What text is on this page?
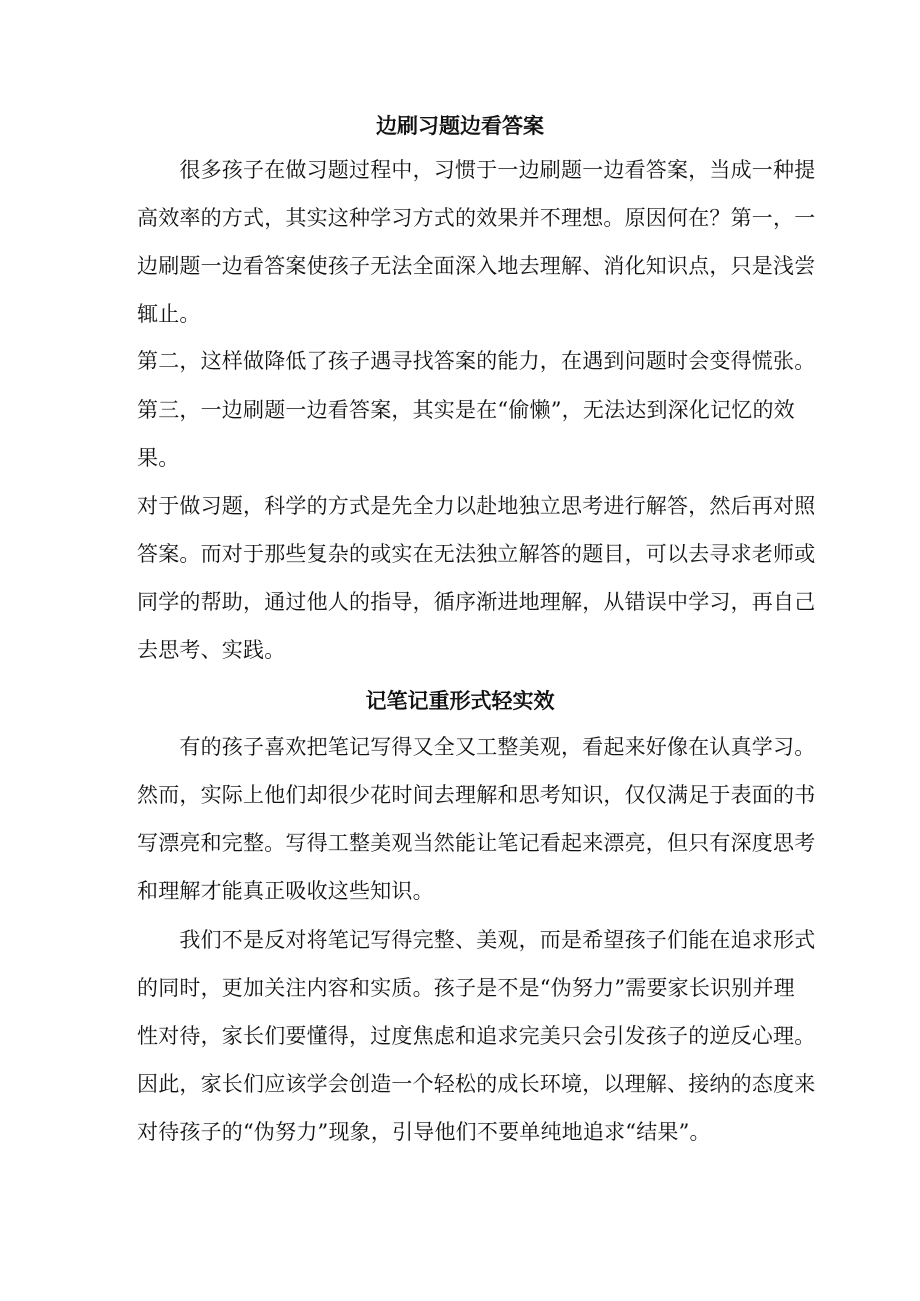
边刷习题边看答案
　　很多孩子在做习题过程中，习惯于一边刷题一边看答案，当成一种提
高效率的方式，其实这种学习方式的效果并不理想。原因何在？第一，一
边刷题一边看答案使孩子无法全面深入地去理解、消化知识点，只是浅尝
辄止。
第二，这样做降低了孩子遇寻找答案的能力，在遇到问题时会变得慌张。
第三，一边刷题一边看答案，其实是在“偷懒”，无法达到深化记忆的效
果。
对于做习题，科学的方式是先全力以赴地独立思考进行解答，然后再对照
答案。而对于那些复杂的或实在无法独立解答的题目，可以去寻求老师或
同学的帮助，通过他人的指导，循序渐进地理解，从错误中学习，再自己
去思考、实践。
记笔记重形式轻实效
　　有的孩子喜欢把笔记写得又全又工整美观，看起来好像在认真学习。
然而，实际上他们却很少花时间去理解和思考知识，仅仅满足于表面的书
写漂亮和完整。写得工整美观当然能让笔记看起来漂亮，但只有深度思考
和理解才能真正吸收这些知识。
　　我们不是反对将笔记写得完整、美观，而是希望孩子们能在追求形式
的同时，更加关注内容和实质。孩子是不是“伪努力”需要家长识别并理
性对待，家长们要懂得，过度焦虑和追求完美只会引发孩子的逆反心理。
因此，家长们应该学会创造一个轻松的成长环境，以理解、接纳的态度来
对待孩子的“伪努力”现象，引导他们不要单纯地追求“结果”。
